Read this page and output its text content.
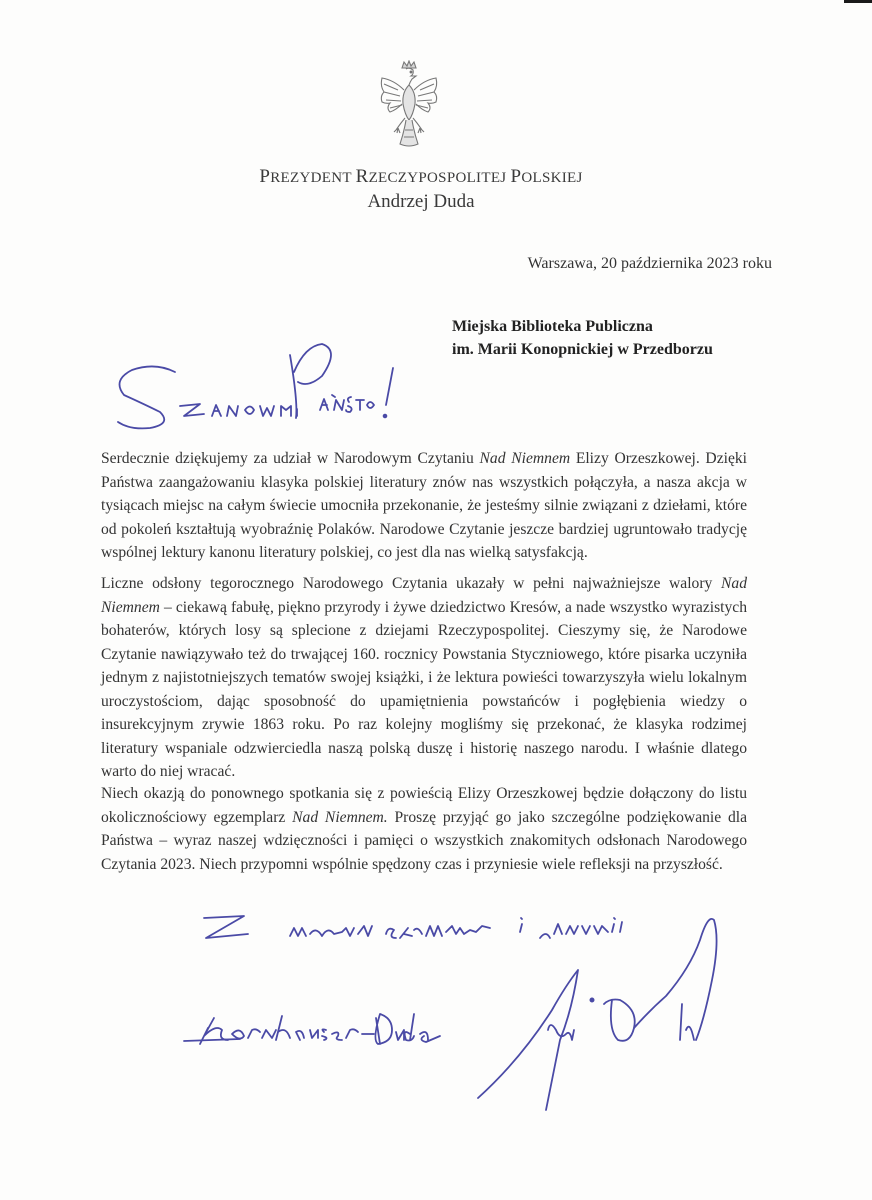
PREZYDENT RZECZYPOSPOLITEJ POLSKIEJ
Andrzej Duda
Warszawa, 20 października 2023 roku
Miejska Biblioteka Publiczna
im. Marii Konopnickiej w Przedborzu
Serdecznie dziękujemy za udział w Narodowym Czytaniu Nad Niemnem Elizy Orzeszkowej. Dzięki Państwa zaangażowaniu klasyka polskiej literatury znów nas wszystkich połączyła, a nasza akcja w tysiącach miejsc na całym świecie umocniła przekonanie, że jesteśmy silnie związani z dziełami, które od pokoleń kształtują wyobraźnię Polaków. Narodowe Czytanie jeszcze bardziej ugruntowało tradycję wspólnej lektury kanonu literatury polskiej, co jest dla nas wielką satysfakcją.
Liczne odsłony tegorocznego Narodowego Czytania ukazały w pełni najważniejsze walory Nad Niemnem – ciekawą fabułę, piękno przyrody i żywe dziedzictwo Kresów, a nade wszystko wyrazistych bohaterów, których losy są splecione z dziejami Rzeczypospolitej. Cieszymy się, że Narodowe Czytanie nawiązywało też do trwającej 160. rocznicy Powstania Styczniowego, które pisarka uczyniła jednym z najistotniejszych tematów swojej książki, i że lektura powieści towarzyszyła wielu lokalnym uroczystościom, dając sposobność do upamiętnienia powstańców i pogłębienia wiedzy o insurekcyjnym zrywie 1863 roku. Po raz kolejny mogliśmy się przekonać, że klasyka rodzimej literatury wspaniale odzwierciedla naszą polską duszę i historię naszego narodu. I właśnie dlatego warto do niej wracać.
Niech okazją do ponownego spotkania się z powieścią Elizy Orzeszkowej będzie dołączony do listu okolicznościowy egzemplarz Nad Niemnem. Proszę przyjąć go jako szczególne podziękowanie dla Państwa – wyraz naszej wdzięczności i pamięci o wszystkich znakomitych odsłonach Narodowego Czytania 2023. Niech przypomni wspólnie spędzony czas i przyniesie wiele refleksji na przyszłość.
